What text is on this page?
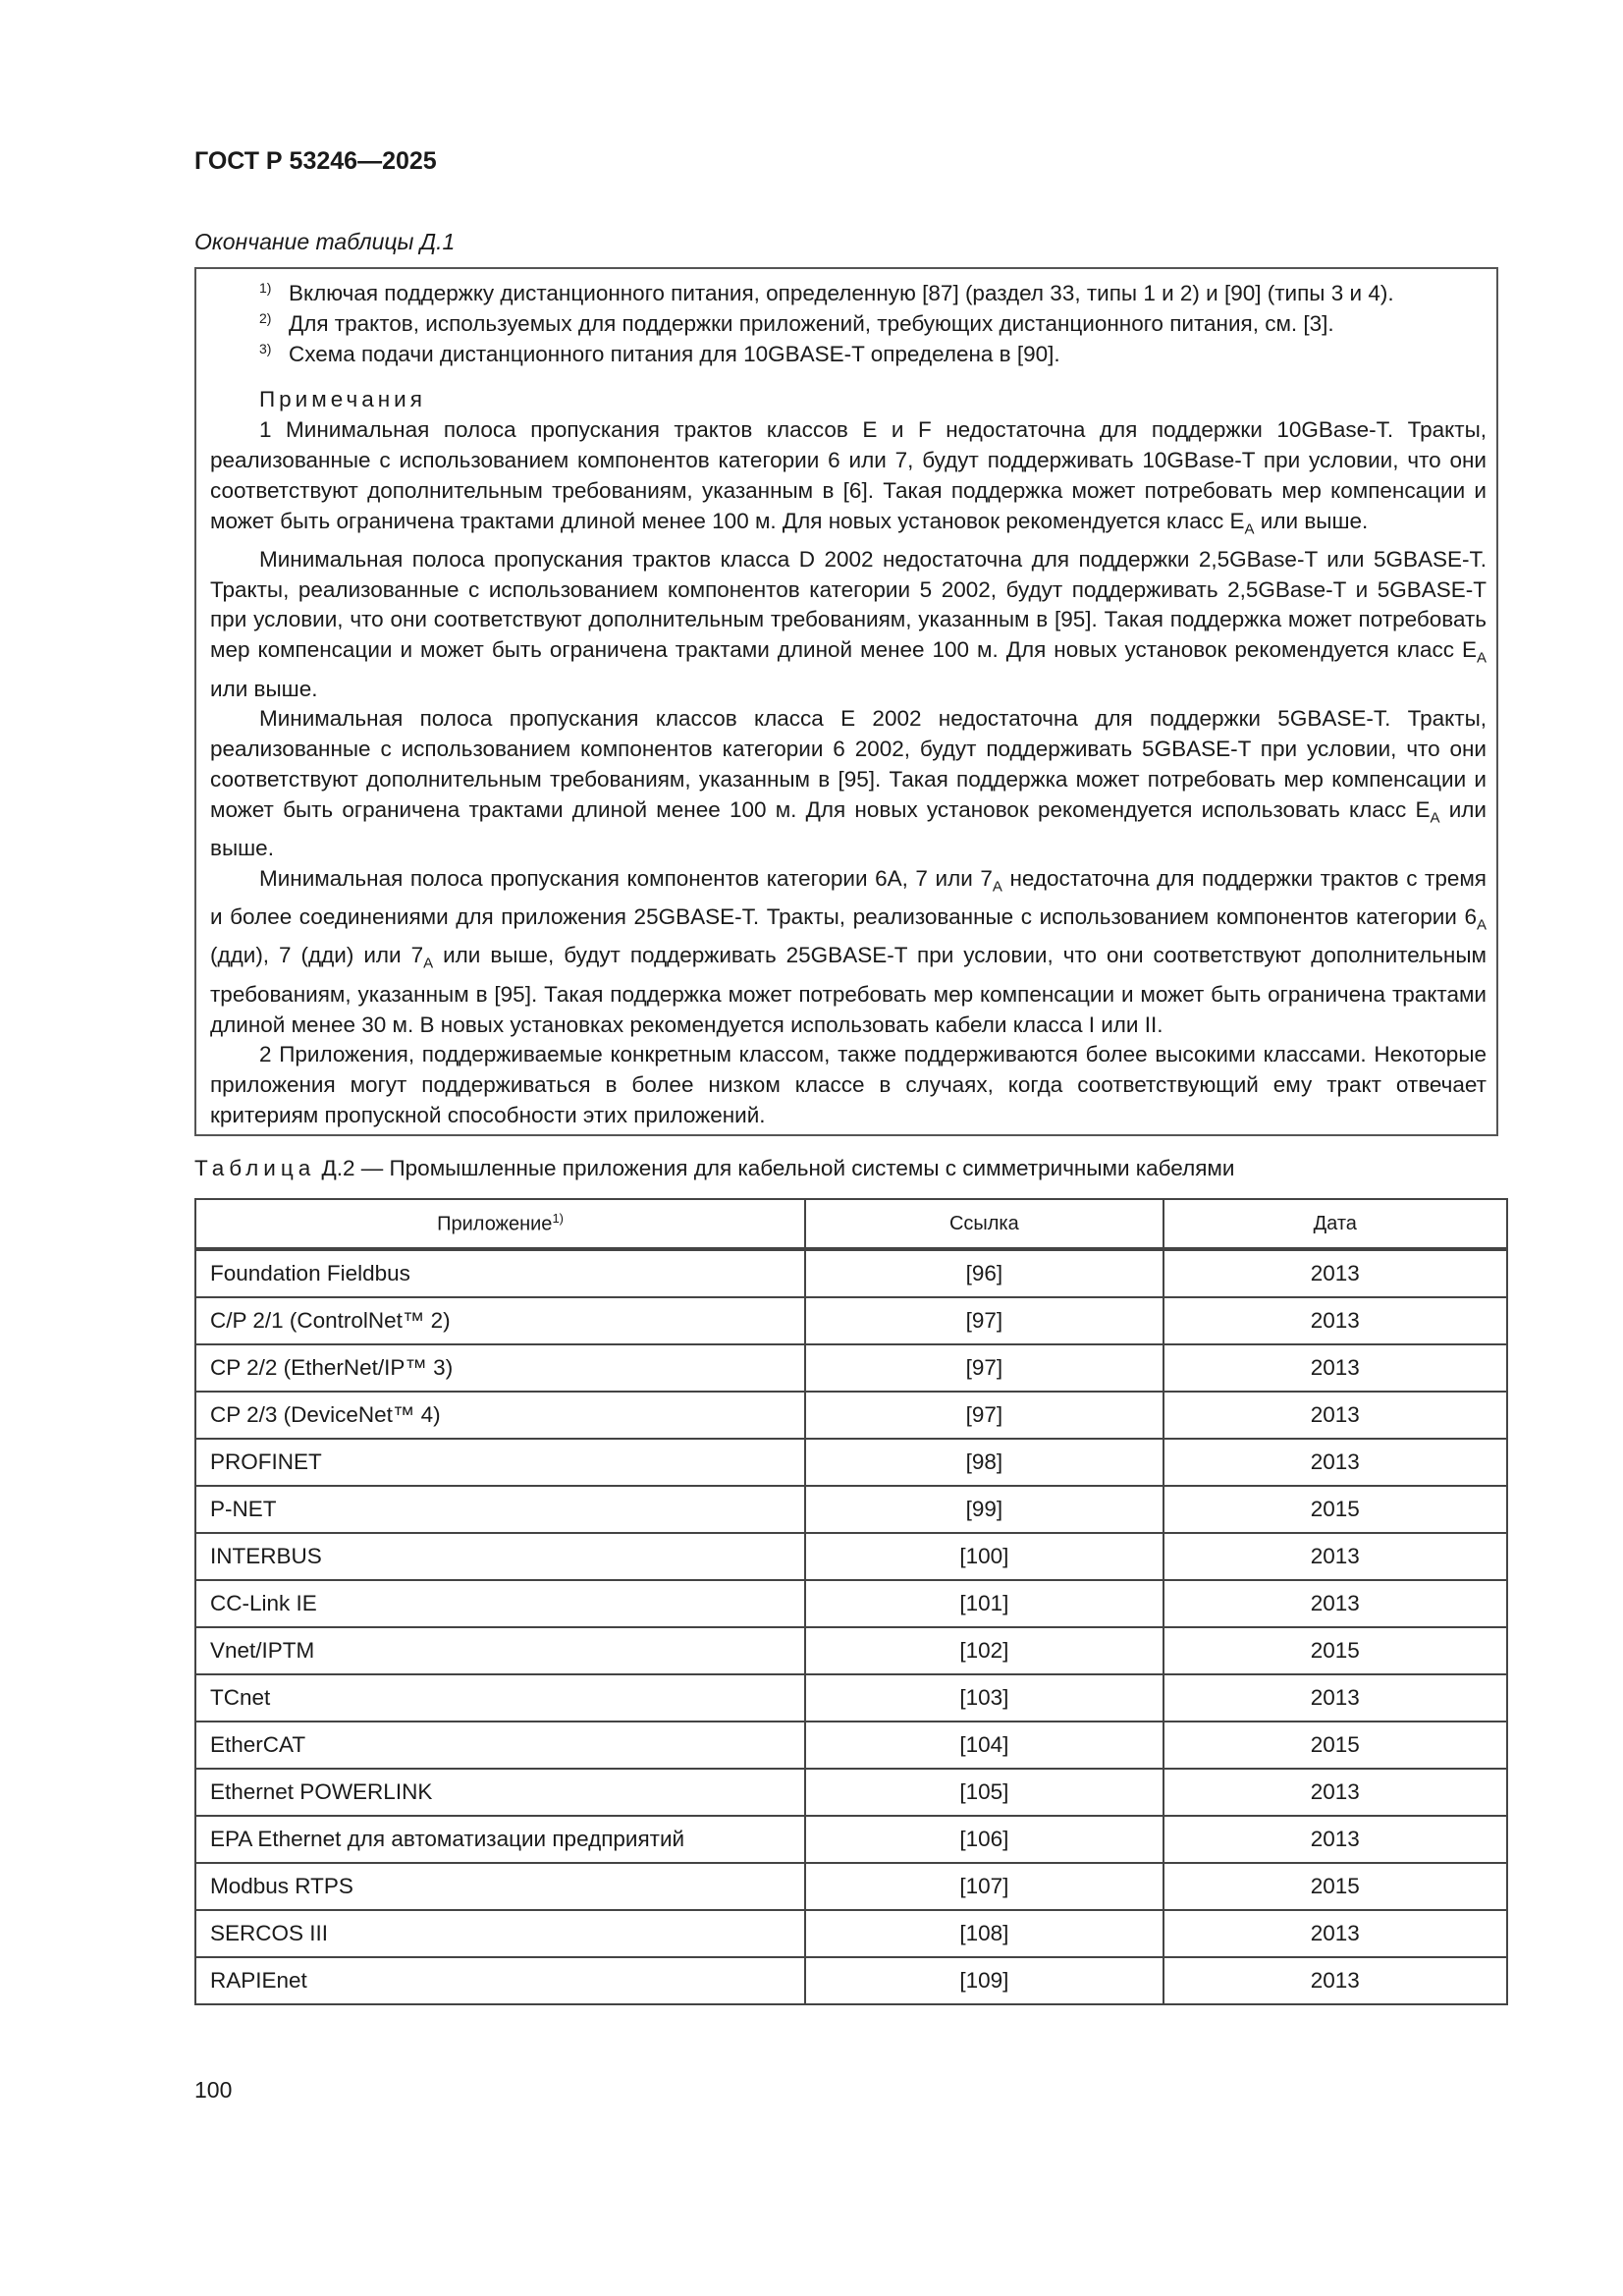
ГОСТ Р 53246—2025
Окончание таблицы Д.1
1) Включая поддержку дистанционного питания, определенную [87] (раздел 33, типы 1 и 2) и [90] (типы 3 и 4).
2) Для трактов, используемых для поддержки приложений, требующих дистанционного питания, см. [3].
3) Схема подачи дистанционного питания для 10GBASE-T определена в [90].
Примечания

1 Минимальная полоса пропускания трактов классов E и F недостаточна для поддержки 10GBase-T. Тракты, реализованные с использованием компонентов категории 6 или 7, будут поддерживать 10GBase-T при условии, что они соответствуют дополнительным требованиям, указанным в [6]. Такая поддержка может потребовать мер компенсации и может быть ограничена трактами длиной менее 100 м. Для новых установок рекомендуется класс $E_A$ или выше.

Минимальная полоса пропускания трактов класса D 2002 недостаточна для поддержки 2,5GBase-T или 5GBASE-T. Тракты, реализованные с использованием компонентов категории 5 2002, будут поддерживать 2,5GBase-T и 5GBASE-T при условии, что они соответствуют дополнительным требованиям, указанным в [95]. Такая поддержка может потребовать мер компенсации и может быть ограничена трактами длиной менее 100 м. Для новых установок рекомендуется класс $E_A$ или выше.

Минимальная полоса пропускания классов класса E 2002 недостаточна для поддержки 5GBASE-T. Тракты, реализованные с использованием компонентов категории 6 2002, будут поддерживать 5GBASE-T при условии, что они соответствуют дополнительным требованиям, указанным в [95]. Такая поддержка может потребовать мер компенсации и может быть ограничена трактами длиной менее 100 м. Для новых установок рекомендуется использовать класс $E_A$ или выше.

Минимальная полоса пропускания компонентов категории 6A, 7 или $7_A$ недостаточна для поддержки трактов с тремя и более соединениями для приложения 25GBASE-T. Тракты, реализованные с использованием компонентов категории $6_A$ (дди), 7 (дди) или $7_A$ или выше, будут поддерживать 25GBASE-T при условии, что они соответствуют дополнительным требованиям, указанным в [95]. Такая поддержка может потребовать мер компенсации и может быть ограничена трактами длиной менее 30 м. В новых установках рекомендуется использовать кабели класса I или II.

2 Приложения, поддерживаемые конкретным классом, также поддерживаются более высокими классами. Некоторые приложения могут поддерживаться в более низком классе в случаях, когда соответствующий ему тракт отвечает критериям пропускной способности этих приложений.

Таблица Д.2 — Промышленные приложения для кабельной системы с симметричными кабелями
Приложение$^{1)}$	Ссылка	Дата
Foundation Fieldbus	[96]	2013
C/P 2/1 (ControlNet™ 2)	[97]	2013
CP 2/2 (EtherNet/IP™ 3)	[97]	2013
CP 2/3 (DeviceNet™ 4)	[97]	2013
PROFINET	[98]	2013
P-NET	[99]	2015
INTERBUS	[100]	2013
CC-Link IE	[101]	2013
Vnet/IPTM	[102]	2015
TCnet	[103]	2013
EtherCAT	[104]	2015
Ethernet POWERLINK	[105]	2013
EPA Ethernet для автоматизации предприятий	[106]	2013
Modbus RTPS	[107]	2015
SERCOS III	[108]	2013
RAPIEnet	[109]	2013
100
